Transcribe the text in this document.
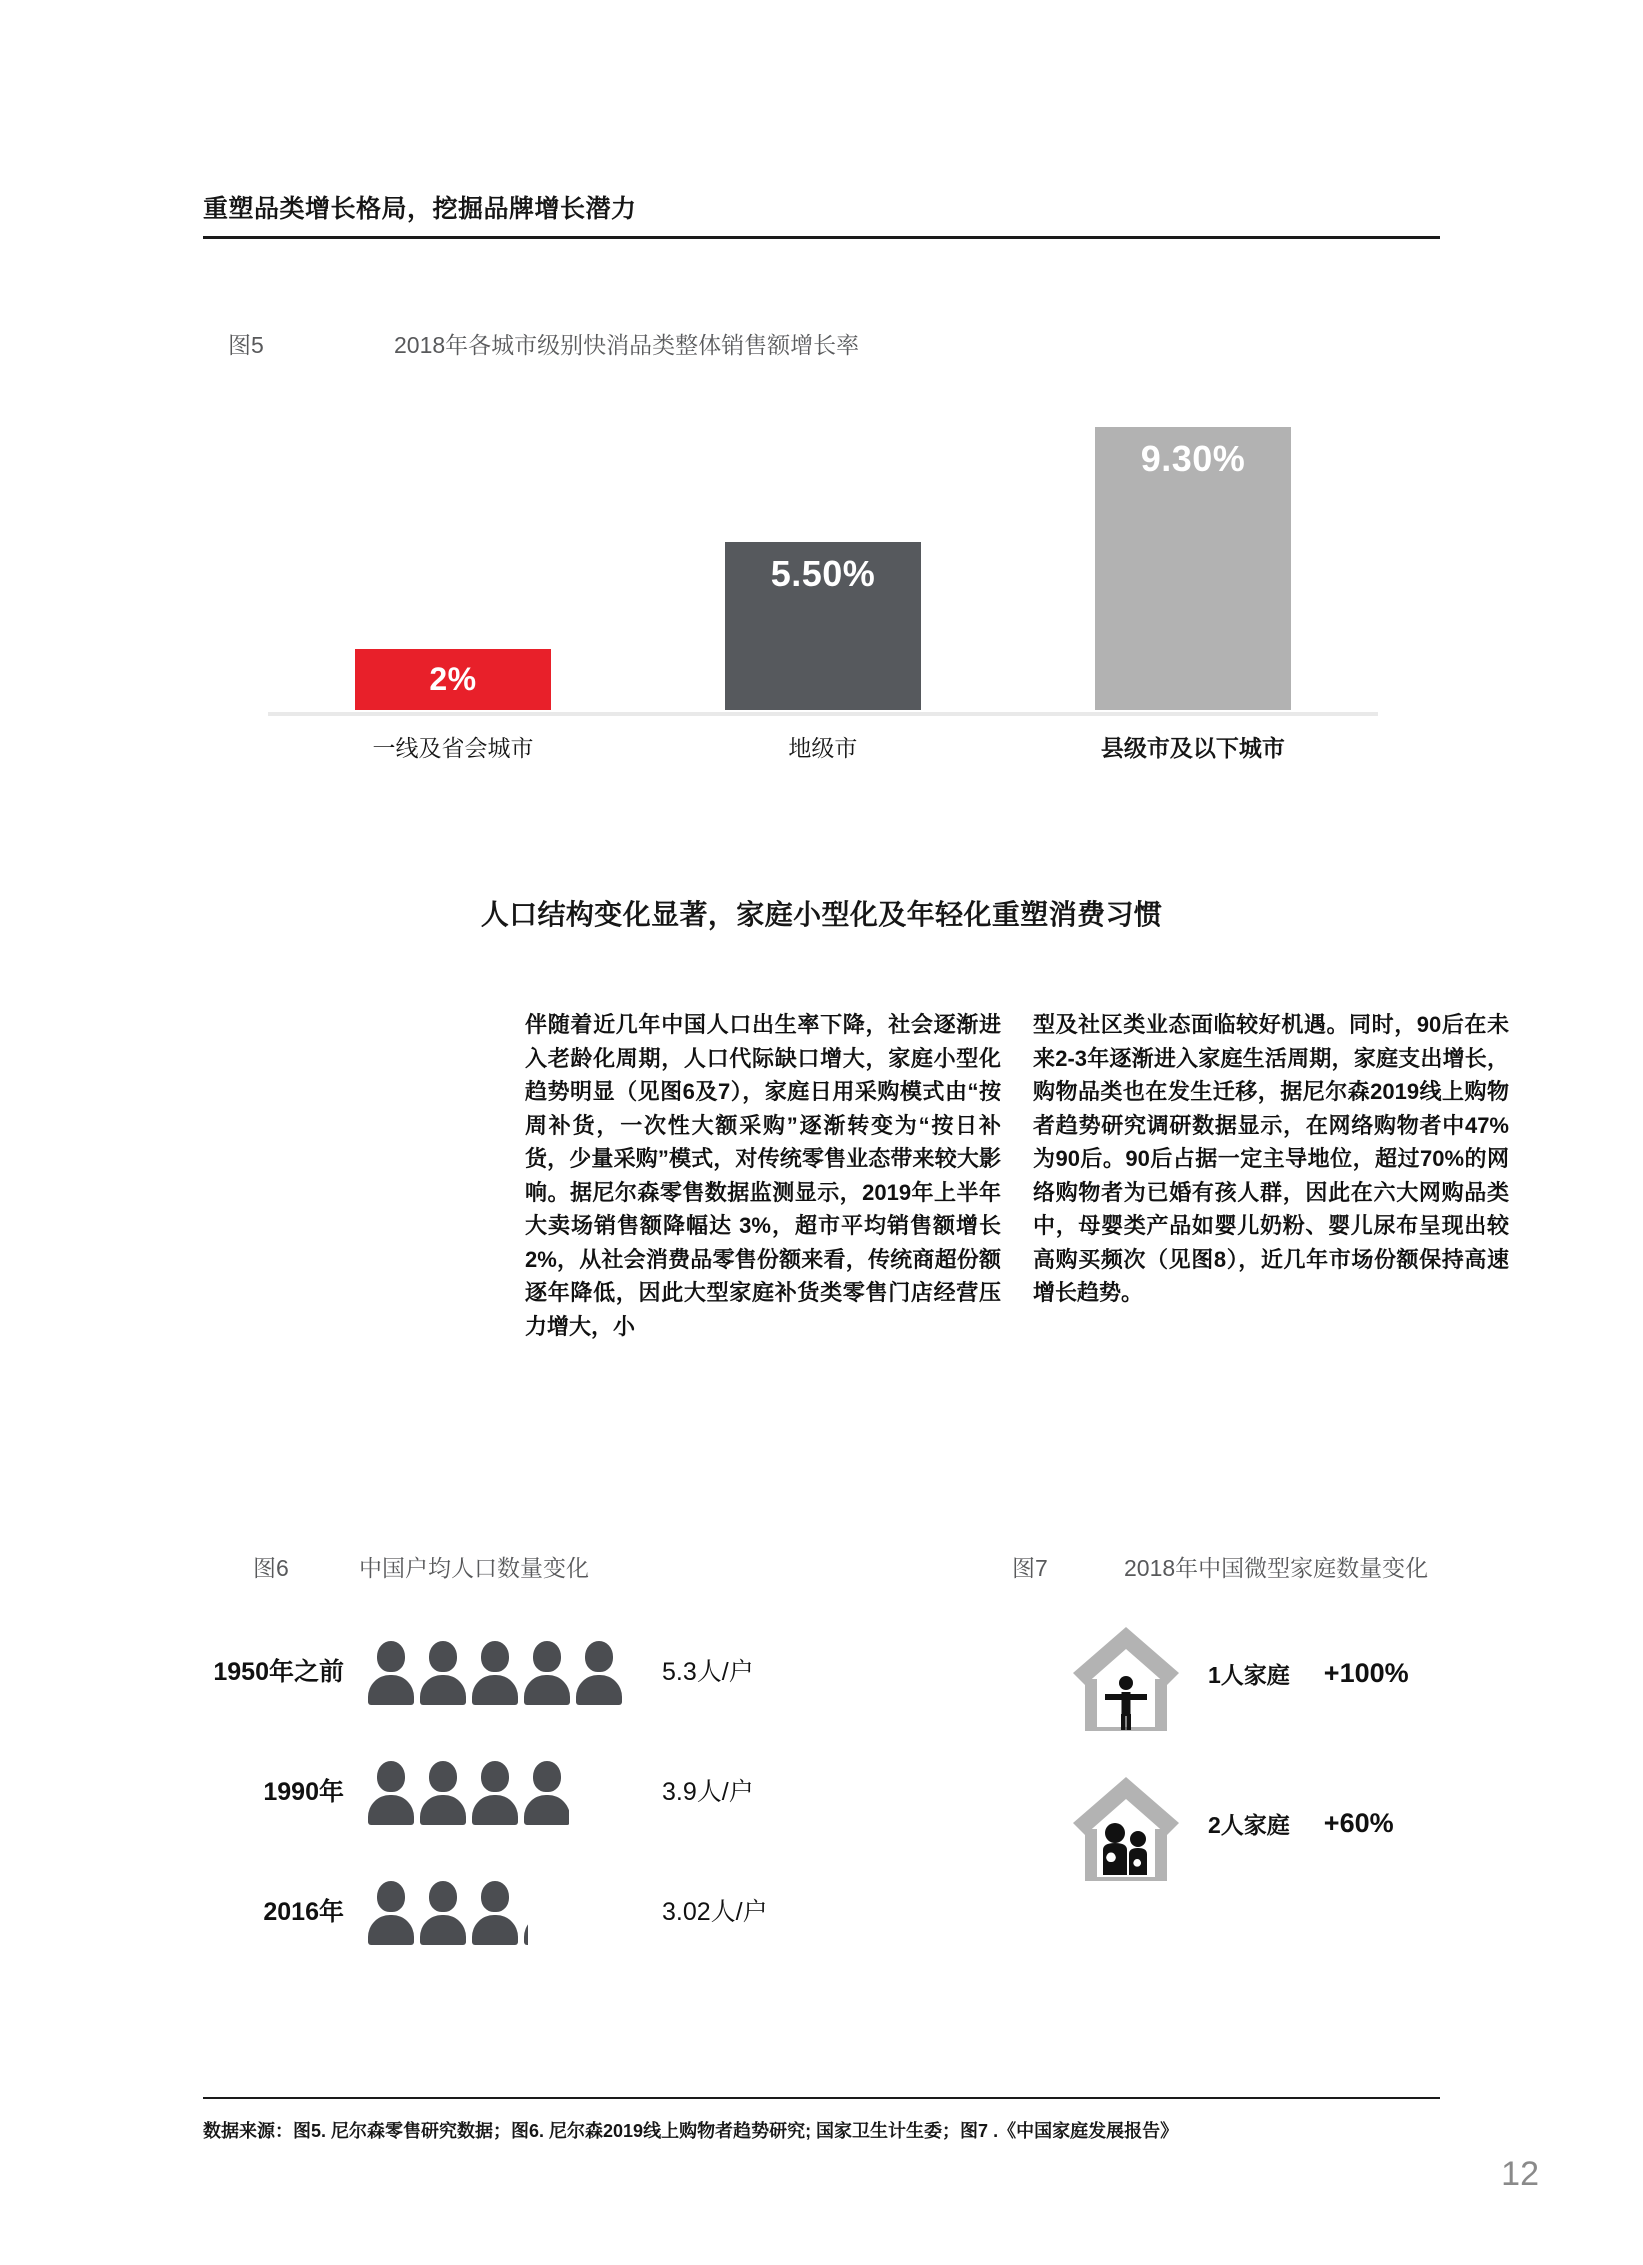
重塑品类增长格局，挖掘品牌增长潜力
图5	2018年各城市级别快消品类整体销售额增长率
2%
5.50%
9.30%
一线及省会城市	地级市	县级市及以下城市
人口结构变化显著，家庭小型化及年轻化重塑消费习惯
伴随着近几年中国人口出生率下降，社会逐渐进入老龄化周期，人口代际缺口增大，家庭小型化趋势明显（见图6及7），家庭日用采购模式由“按周补货，一次性大额采购”逐渐转变为“按日补货，少量采购”模式，对传统零售业态带来较大影响。据尼尔森零售数据监测显示，2019年上半年大卖场销售额降幅达 3%，超市平均销售额增长2%，从社会消费品零售份额来看，传统商超份额逐年降低，因此大型家庭补货类零售门店经营压力增大，小
型及社区类业态面临较好机遇。同时，90后在未来2-3年逐渐进入家庭生活周期，家庭支出增长，购物品类也在发生迁移，据尼尔森2019线上购物者趋势研究调研数据显示，在网络购物者中47%为90后。90后占据一定主导地位，超过70%的网络购物者为已婚有孩人群，因此在六大网购品类中，母婴类产品如婴儿奶粉、婴儿尿布呈现出较高购买频次（见图8），近几年市场份额保持高速增长趋势。
图6	中国户均人口数量变化	图7	2018年中国微型家庭数量变化
1950年之前	5.3人/户
1990年	3.9人/户
2016年	3.02人/户
1人家庭	+100%
2人家庭	+60%
数据来源：图5. 尼尔森零售研究数据；图6. 尼尔森2019线上购物者趋势研究; 国家卫生计生委；图7 .《中国家庭发展报告》
12
